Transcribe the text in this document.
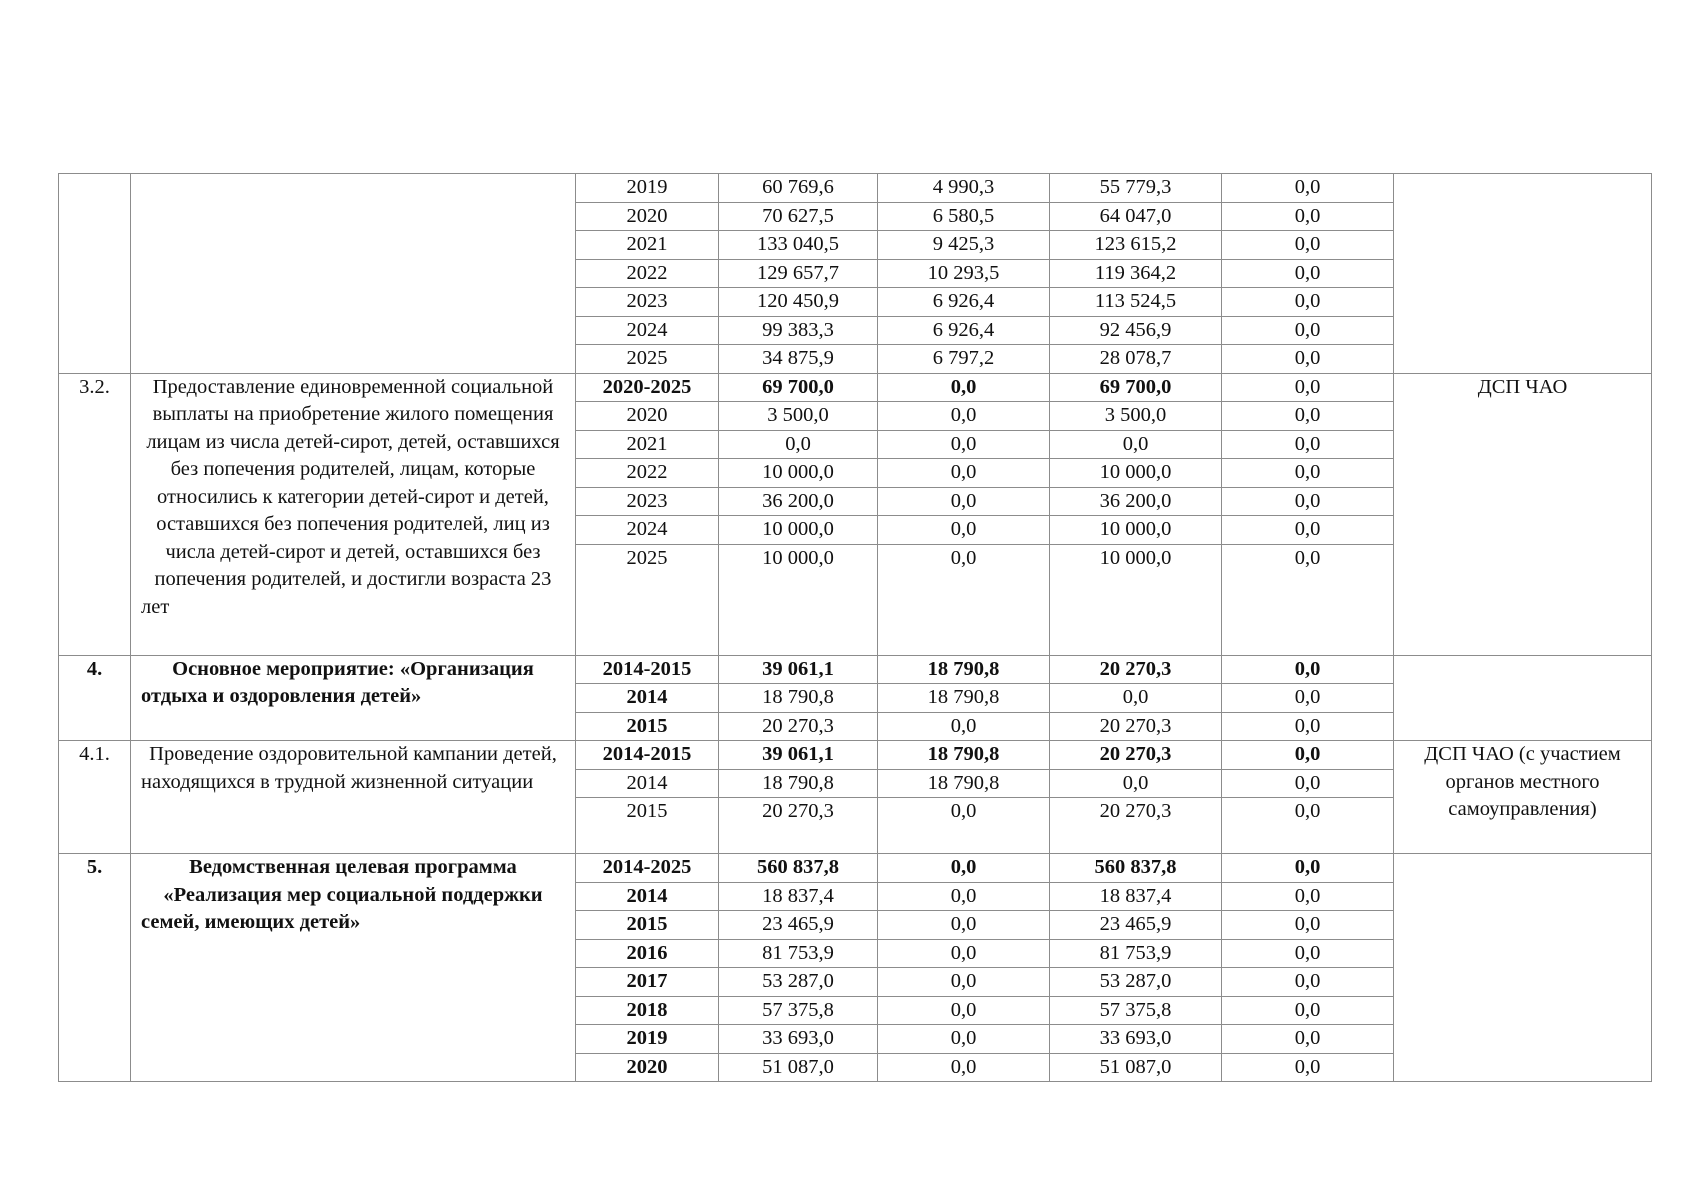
		2019	60 769,6	4 990,3	55 779,3	0,0	
		2020	70 627,5	6 580,5	64 047,0	0,0	
		2021	133 040,5	9 425,3	123 615,2	0,0	
		2022	129 657,7	10 293,5	119 364,2	0,0	
		2023	120 450,9	6 926,4	113 524,5	0,0	
		2024	99 383,3	6 926,4	92 456,9	0,0	
		2025	34 875,9	6 797,2	28 078,7	0,0	
3.2.	Предоставление единовременной социальной выплаты на приобретение жилого помещения лицам из числа детей-сирот, детей, оставшихся без попечения родителей, лицам, которые относились к категории детей-сирот и детей, оставшихся без попечения родителей, лиц из числа детей-сирот и детей, оставшихся без попечения родителей, и достигли возраста 23 лет	2020-2025	69 700,0	0,0	69 700,0	0,0	ДСП ЧАО
		2020	3 500,0	0,0	3 500,0	0,0	
		2021	0,0	0,0	0,0	0,0	
		2022	10 000,0	0,0	10 000,0	0,0	
		2023	36 200,0	0,0	36 200,0	0,0	
		2024	10 000,0	0,0	10 000,0	0,0	
		2025	10 000,0	0,0	10 000,0	0,0	
4.	Основное мероприятие: «Организация отдыха и оздоровления детей»	2014-2015	39 061,1	18 790,8	20 270,3	0,0	
		2014	18 790,8	18 790,8	0,0	0,0	
		2015	20 270,3	0,0	20 270,3	0,0	
4.1.	Проведение оздоровительной кампании детей, находящихся в трудной жизненной ситуации	2014-2015	39 061,1	18 790,8	20 270,3	0,0	ДСП ЧАО (с участием органов местного самоуправления)
		2014	18 790,8	18 790,8	0,0	0,0	
		2015	20 270,3	0,0	20 270,3	0,0	
5.	Ведомственная целевая программа «Реализация мер социальной поддержки семей, имеющих детей»	2014-2025	560 837,8	0,0	560 837,8	0,0	
		2014	18 837,4	0,0	18 837,4	0,0	
		2015	23 465,9	0,0	23 465,9	0,0	
		2016	81 753,9	0,0	81 753,9	0,0	
		2017	53 287,0	0,0	53 287,0	0,0	
		2018	57 375,8	0,0	57 375,8	0,0	
		2019	33 693,0	0,0	33 693,0	0,0	
		2020	51 087,0	0,0	51 087,0	0,0	
